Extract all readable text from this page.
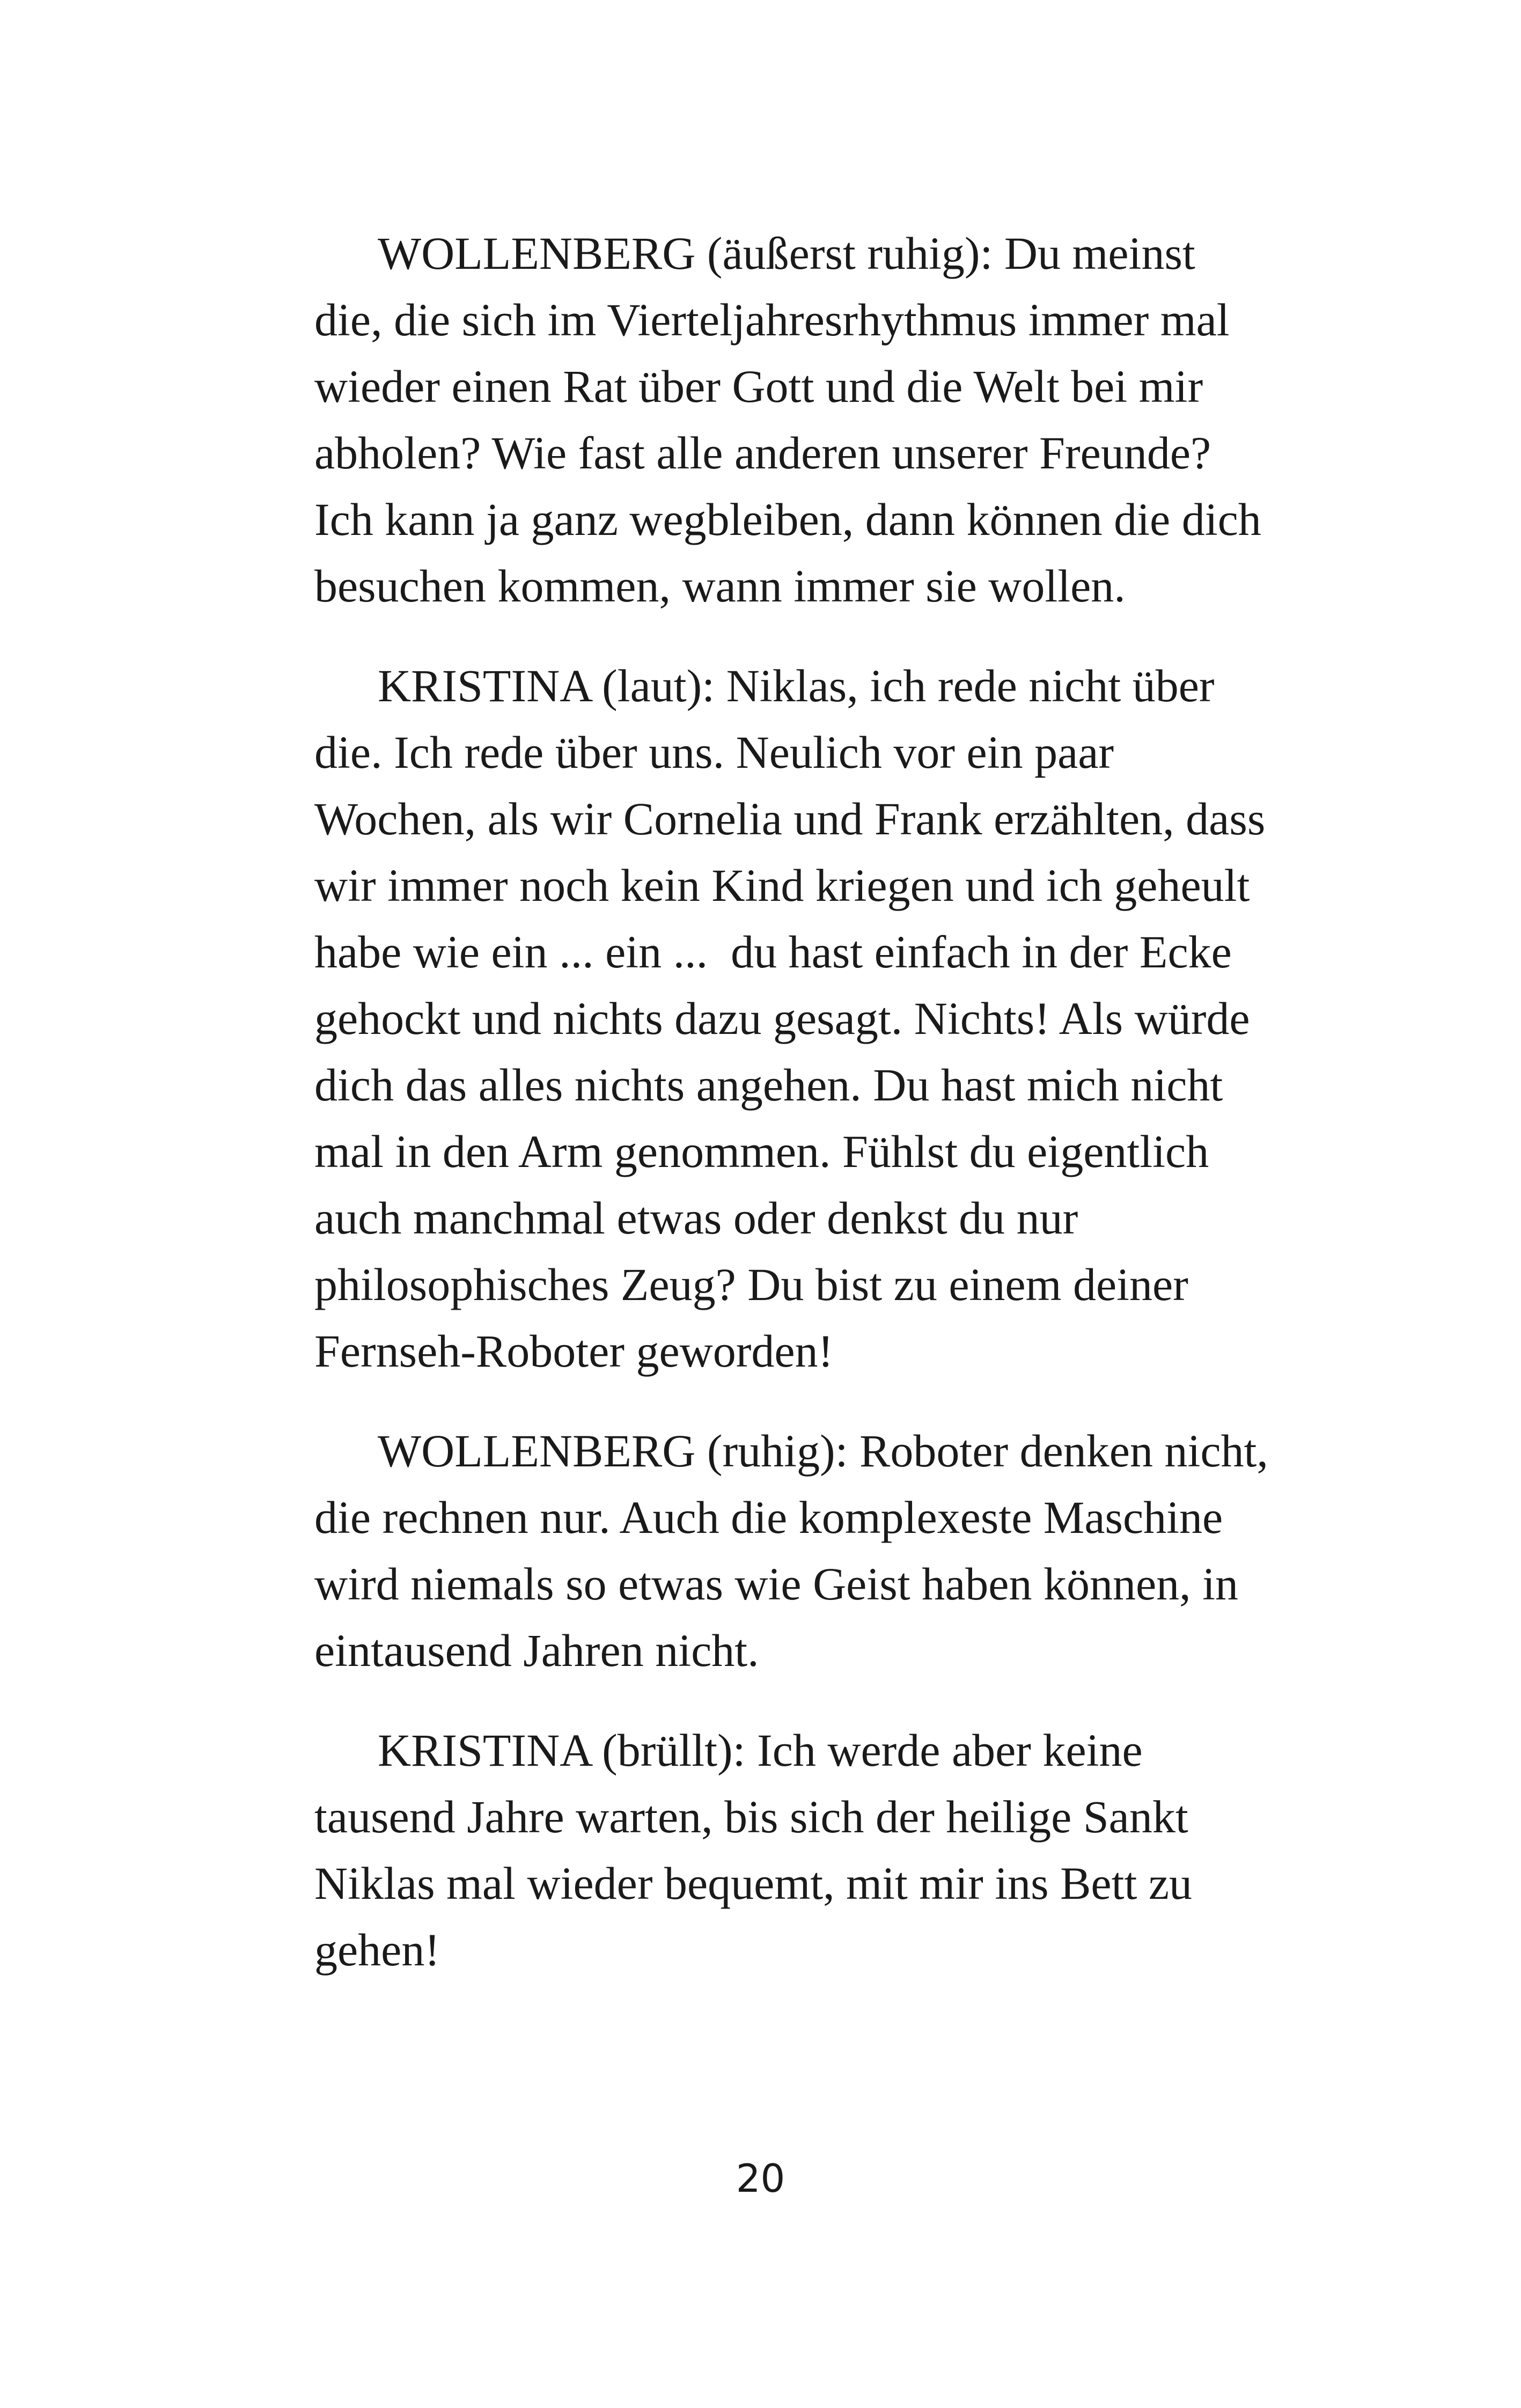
WOLLENBERG (äußerst ruhig): Du meinst
die, die sich im Vierteljahresrhythmus immer mal
wieder einen Rat über Gott und die Welt bei mir
abholen? Wie fast alle anderen unserer Freunde?
Ich kann ja ganz wegbleiben, dann können die dich
besuchen kommen, wann immer sie wollen.
KRISTINA (laut): Niklas, ich rede nicht über
die. Ich rede über uns. Neulich vor ein paar
Wochen, als wir Cornelia und Frank erzählten, dass
wir immer noch kein Kind kriegen und ich geheult
habe wie ein ... ein ...  du hast einfach in der Ecke
gehockt und nichts dazu gesagt. Nichts! Als würde
dich das alles nichts angehen. Du hast mich nicht
mal in den Arm genommen. Fühlst du eigentlich
auch manchmal etwas oder denkst du nur
philosophisches Zeug? Du bist zu einem deiner
Fernseh-Roboter geworden!
WOLLENBERG (ruhig): Roboter denken nicht,
die rechnen nur. Auch die komplexeste Maschine
wird niemals so etwas wie Geist haben können, in
eintausend Jahren nicht.
KRISTINA (brüllt): Ich werde aber keine
tausend Jahre warten, bis sich der heilige Sankt
Niklas mal wieder bequemt, mit mir ins Bett zu
gehen!
20
